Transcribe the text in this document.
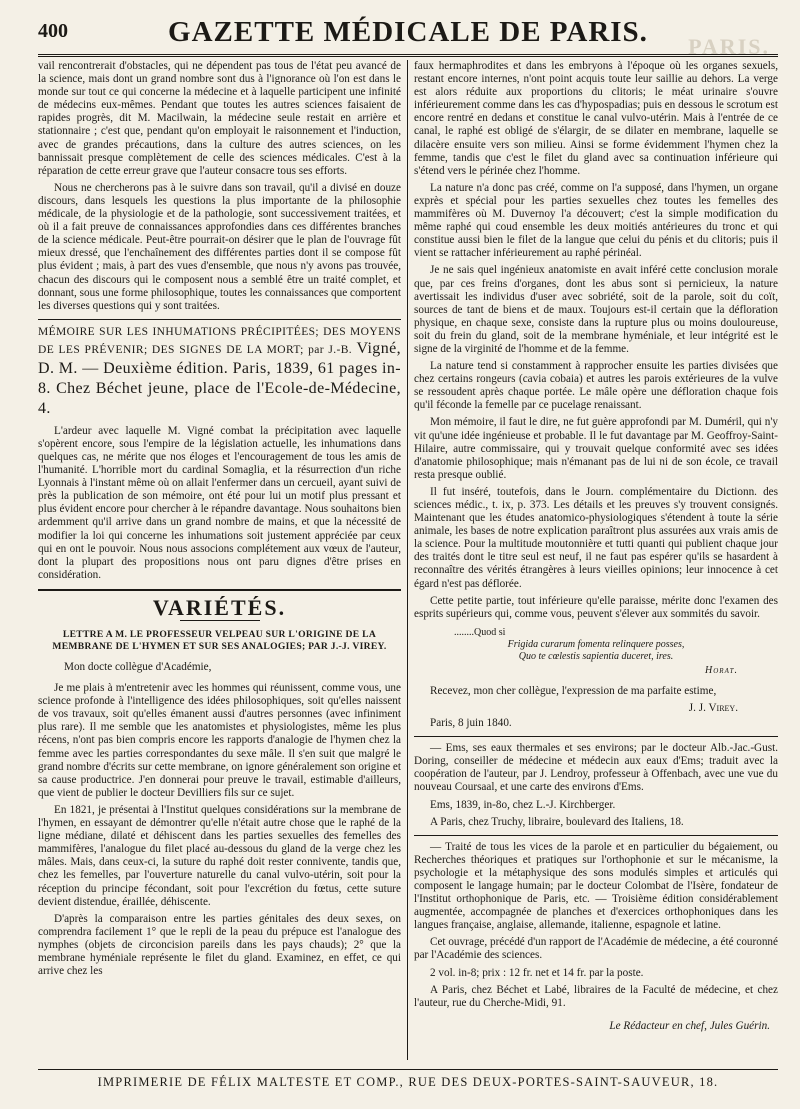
PARIS.
400	GAZETTE MÉDICALE DE PARIS.

vail rencontrerait d'obstacles, qui ne dépendent pas tous de l'état peu avancé de la science, mais dont un grand nombre sont dus à l'ignorance où l'on est dans le monde sur tout ce qui concerne la médecine et à laquelle participent une infinité de médecins eux-mêmes. Pendant que toutes les autres sciences faisaient de rapides progrès, dit M. Macilwain, la médecine seule restait en arrière et stationnaire ; c'est que, pendant qu'on employait le raisonnement et l'induction, avec de grandes précautions, dans la culture des autres sciences, on les bannissait presque complètement de celle des sciences médicales. C'est à la réparation de cette erreur grave que l'auteur consacre tous ses efforts.

Nous ne chercherons pas à le suivre dans son travail, qu'il a divisé en douze discours, dans lesquels les questions la plus importante de la philosophie médicale, de la physiologie et de la pathologie, sont successivement traitées, et où il a fait preuve de connaissances approfondies dans ces différentes branches de la science médicale. Peut-être pourrait-on désirer que le plan de l'ouvrage fût mieux dressé, que l'enchaînement des différentes parties dont il se compose fût plus évident ; mais, à part des vues d'ensemble, que nous n'y avons pas trouvée, chacun des discours qui le composent nous a semblé être un traité complet, et donnant, sous une forme philosophique, toutes les connaissances que comportent les diverses questions qui y sont traitées.

MÉMOIRE SUR LES INHUMATIONS PRÉCIPITÉES; DES MOYENS DE LES PRÉVENIR; DES SIGNES DE LA MORT; par J.-B. Vigné, D. M. — Deuxième édition. Paris, 1839, 61 pages in-8. Chez Béchet jeune, place de l'Ecole-de-Médecine, 4.

L'ardeur avec laquelle M. Vigné combat la précipitation avec laquelle s'opèrent encore, sous l'empire de la législation actuelle, les inhumations dans quelques cas, ne mérite que nos éloges et l'encouragement de tous les amis de l'humanité. L'horrible mort du cardinal Somaglia, et la résurrection d'un riche Lyonnais à l'instant même où on allait l'enfermer dans un cercueil, ayant suivi de près la publication de son mémoire, ont été pour lui un motif plus pressant et plus évident encore pour chercher à le répandre davantage. Nous souhaitons bien ardemment qu'il arrive dans un grand nombre de mains, et que la nécessité de modifier la loi qui concerne les inhumations soit justement appréciée par ceux qui en ont le pouvoir. Nous nous associons complétement aux vœux de l'auteur, dont la plupart des propositions nous ont paru dignes d'être prises en considération.

VARIÉTÉS.
LETTRE A M. LE PROFESSEUR VELPEAU SUR L'ORIGINE DE LA MEMBRANE DE L'HYMEN ET SUR SES ANALOGIES; PAR J.-J. VIREY.

Mon docte collègue d'Académie,

Je me plais à m'entretenir avec les hommes qui réunissent, comme vous, une science profonde à l'intelligence des idées philosophiques, soit qu'elles naissent de vos travaux, soit qu'elles émanent aussi d'autres personnes (avec infiniment plus rare). Il me semble que les anatomistes et physiologistes, même les plus récens, n'ont pas bien compris encore les rapports d'analogie de l'hymen chez la femme avec les parties correspondantes du sexe mâle. Il s'en suit que malgré le grand nombre d'écrits sur cette membrane, on ignore généralement son origine et sa cause productrice. J'en donnerai pour preuve le travail, estimable d'ailleurs, que vient de publier le docteur Devilliers fils sur ce sujet.

En 1821, je présentai à l'Institut quelques considérations sur la membrane de l'hymen, en essayant de démontrer qu'elle n'était autre chose que le raphé de la ligne médiane, dilaté et déhiscent dans les parties sexuelles des femelles des mammifères, l'analogue du filet placé au-dessous du gland de la verge chez les mâles. Mais, dans ceux-ci, la suture du raphé doit rester connivente, tandis que, chez les femelles, par l'ouverture naturelle du canal vulvo-utérin, soit pour la réception du principe fécondant, soit pour l'excrétion du fœtus, cette suture devient distendue, éraillée, déhiscente.

D'après la comparaison entre les parties génitales des deux sexes, on comprendra facilement 1° que le repli de la peau du prépuce est l'analogue des nymphes (objets de circoncision pareils dans les pays chauds); 2° que la membrane hyméniale représente le filet du gland. Examinez, en effet, ce qui arrive chez les

faux hermaphrodites et dans les embryons à l'époque où les organes sexuels, restant encore internes, n'ont point acquis toute leur saillie au dehors. La verge est alors réduite aux proportions du clitoris; le méat urinaire s'ouvre inférieurement comme dans les cas d'hypospadias; puis en dessous le scrotum est encore rentré en dedans et constitue le canal vulvo-utérin. Mais à l'entrée de ce canal, le raphé est obligé de s'élargir, de se dilater en membrane, laquelle se dilacère ensuite vers son milieu. Ainsi se forme évidemment l'hymen chez la femme, tandis que c'est le filet du gland avec sa continuation inférieure qui s'étend vers le périnée chez l'homme.

La nature n'a donc pas créé, comme on l'a supposé, dans l'hymen, un organe exprès et spécial pour les parties sexuelles chez toutes les femelles des mammifères où M. Duvernoy l'a découvert; c'est la simple modification du même raphé qui coud ensemble les deux moitiés antérieures du tronc et qui constitue aussi bien le filet de la langue que celui du pénis et du clitoris; puis il vient se rattacher inférieurement au raphé périnéal.

Je ne sais quel ingénieux anatomiste en avait inféré cette conclusion morale que, par ces freins d'organes, dont les abus sont si pernicieux, la nature avertissait les individus d'user avec sobriété, soit de la parole, soit du coït, sources de tant de biens et de maux. Toujours est-il certain que la défloration physique, en chaque sexe, consiste dans la rupture plus ou moins douloureuse, soit du frein du gland, soit de la membrane hyméniale, et leur intégrité est le signe de la virginité de l'homme et de la femme.

La nature tend si constamment à rapprocher ensuite les parties divisées que chez certains rongeurs (cavia cobaia) et autres les parois extérieures de la vulve se ressoudent après chaque portée. Le mâle opère une défloration chaque fois qu'il féconde la femelle par ce pucelage renaissant.

Mon mémoire, il faut le dire, ne fut guère approfondi par M. Duméril, qui n'y vit qu'une idée ingénieuse et probable. Il le fut davantage par M. Geoffroy-Saint-Hilaire, autre commissaire, qui y trouvait quelque conformité avec ses idées d'anatomie philosophique; mais n'émanant pas de lui ni de son école, ce travail resta presque oublié.

Il fut inséré, toutefois, dans le Journ. complémentaire du Dictionn. des sciences médic., t. ix, p. 373. Les détails et les preuves s'y trouvent consignés. Maintenant que les études anatomico-physiologiques s'étendent à toute la série animale, les bases de notre explication paraîtront plus assurées aux vrais amis de la science. Pour la multitude moutonnière et tutti quanti qui publient chaque jour des traités dont le titre seul est neuf, il ne faut pas espérer qu'ils se hasardent à reconnaître des vérités étrangères à leurs vieilles opinions; leur innocence à cet égard n'est pas déflorée.

Cette petite partie, tout inférieure qu'elle paraisse, mérite donc l'examen des esprits supérieurs qui, comme vous, peuvent s'élever aux sommités du savoir.

........Quod si
Frigida curarum fomenta relinquere posses,
Quo te cœlestis sapientia duceret, ires.
Horat.

Recevez, mon cher collègue, l'expression de ma parfaite estime,

J. J. Virey.

Paris, 8 juin 1840.

— Ems, ses eaux thermales et ses environs; par le docteur Alb.-Jac.-Gust. Doring, conseiller de médecine et médecin aux eaux d'Ems; traduit avec la coopération de l'auteur, par J. Lendroy, professeur à Offenbach, avec une vue du nouveau Coursaal, et une carte des environs d'Ems.

Ems, 1839, in-8o, chez L.-J. Kirchberger.

A Paris, chez Truchy, libraire, boulevard des Italiens, 18.

— Traité de tous les vices de la parole et en particulier du bégaiement, ou Recherches théoriques et pratiques sur l'orthophonie et sur le mécanisme, la psychologie et la métaphysique des sons modulés simples et articulés qui composent le langage humain; par le docteur Colombat de l'Isère, fondateur de l'Institut orthophonique de Paris, etc. — Troisième édition considérablement augmentée, accompagnée de planches et d'exercices orthophoniques dans les langues française, anglaise, allemande, italienne, espagnole et latine.

Cet ouvrage, précédé d'un rapport de l'Académie de médecine, a été couronné par l'Académie des sciences.

2 vol. in-8; prix : 12 fr. net et 14 fr. par la poste.

A Paris, chez Béchet et Labé, libraires de la Faculté de médecine, et chez l'auteur, rue du Cherche-Midi, 91.

Le Rédacteur en chef, Jules Guérin.
IMPRIMERIE DE FÉLIX MALTESTE ET COMP., RUE DES DEUX-PORTES-SAINT-SAUVEUR, 18.
